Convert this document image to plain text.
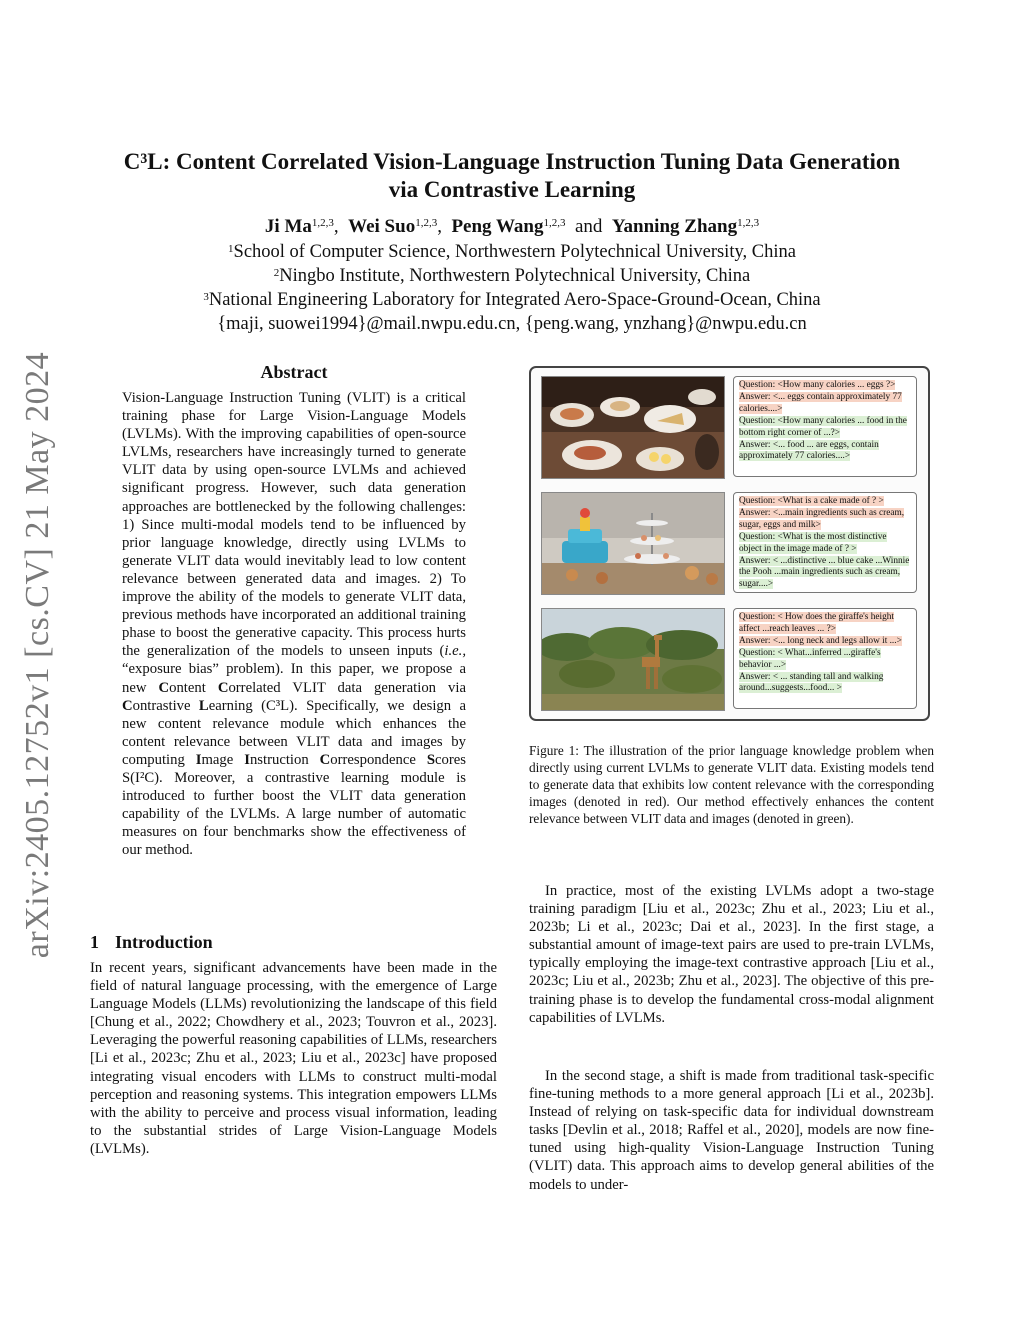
arXiv:2405.12752v1 [cs.CV] 21 May 2024
C³L: Content Correlated Vision-Language Instruction Tuning Data Generation
via Contrastive Learning
Ji Ma$^{1,2,3}$,  Wei Suo$^{1,2,3}$,  Peng Wang$^{1,2,3}$ and Yanning Zhang$^{1,2,3}$
$^1$School of Computer Science, Northwestern Polytechnical University, China
$^2$Ningbo Institute, Northwestern Polytechnical University, China
$^3$National Engineering Laboratory for Integrated Aero-Space-Ground-Ocean, China
{maji, suowei1994}@mail.nwpu.edu.cn, {peng.wang, ynzhang}@nwpu.edu.cn
Abstract
Vision-Language Instruction Tuning (VLIT) is a critical training phase for Large Vision-Language Models (LVLMs). With the improving capabilities of open-source LVLMs, researchers have increasingly turned to generate VLIT data by using open-source LVLMs and achieved significant progress. However, such data generation approaches are bottlenecked by the following challenges: 1) Since multi-modal models tend to be influenced by prior language knowledge, directly using LVLMs to generate VLIT data would inevitably lead to low content relevance between generated data and images. 2) To improve the ability of the models to generate VLIT data, previous methods have incorporated an additional training phase to boost the generative capacity. This process hurts the generalization of the models to unseen inputs (i.e., “exposure bias” problem). In this paper, we propose a new Content Correlated VLIT data generation via Contrastive Learning (C³L). Specifically, we design a new content relevance module which enhances the content relevance between VLIT data and images by computing Image Instruction Correspondence Scores S(I²C). Moreover, a contrastive learning module is introduced to further boost the VLIT data generation capability of the LVLMs. A large number of automatic measures on four benchmarks show the effectiveness of our method.
1 Introduction
In recent years, significant advancements have been made in the field of natural language processing, with the emergence of Large Language Models (LLMs) revolutionizing the landscape of this field [Chung et al., 2022; Chowdhery et al., 2023; Touvron et al., 2023]. Leveraging the powerful reasoning capabilities of LLMs, researchers [Li et al., 2023c; Zhu et al., 2023; Liu et al., 2023c] have proposed integrating visual encoders with LLMs to construct multi-modal perception and reasoning systems. This integration empowers LLMs with the ability to perceive and process visual information, leading to the substantial strides of Large Vision-Language Models (LVLMs).

Question: <How many calories ... eggs ?>

Answer: <... eggs contain approximately 77 calories....>

Question: <How many calories ... food in the bottom right corner of ...?>

Answer: <... food ... are eggs, contain approximately 77 calories....>

Question: <What is a cake made of ? >

Answer: <...main ingredients such as cream, sugar, eggs and milk>

Question: <What is the most distinctive object in the image made of ? >

Answer: < ...distinctive ... blue cake ...Winnie the Pooh ...main ingredients such as cream, sugar....>

Question: < How does the giraffe's height affect ...reach leaves ... ?>

Answer: <... long neck and legs allow it ...>

Question: < What...inferred ...giraffe's behavior ...>

Answer: < ... standing tall and walking around...suggests...food... >

Figure 1: The illustration of the prior language knowledge problem when directly using current LVLMs to generate VLIT data. Existing models tend to generate data that exhibits low content relevance with the corresponding images (denoted in red). Our method effectively enhances the content relevance between VLIT data and images (denoted in green).
In practice, most of the existing LVLMs adopt a two-stage training paradigm [Liu et al., 2023c; Zhu et al., 2023; Liu et al., 2023b; Li et al., 2023c; Dai et al., 2023]. In the first stage, a substantial amount of image-text pairs are used to pre-train LVLMs, typically employing the image-text contrastive approach [Liu et al., 2023c; Liu et al., 2023b; Zhu et al., 2023]. The objective of this pre-training phase is to develop the fundamental cross-modal alignment capabilities of LVLMs.
In the second stage, a shift is made from traditional task-specific fine-tuning methods to a more general approach [Li et al., 2023b]. Instead of relying on task-specific data for individual downstream tasks [Devlin et al., 2018; Raffel et al., 2020], models are now fine-tuned using high-quality Vision-Language Instruction Tuning (VLIT) data. This approach aims to develop general abilities of the models to under-
